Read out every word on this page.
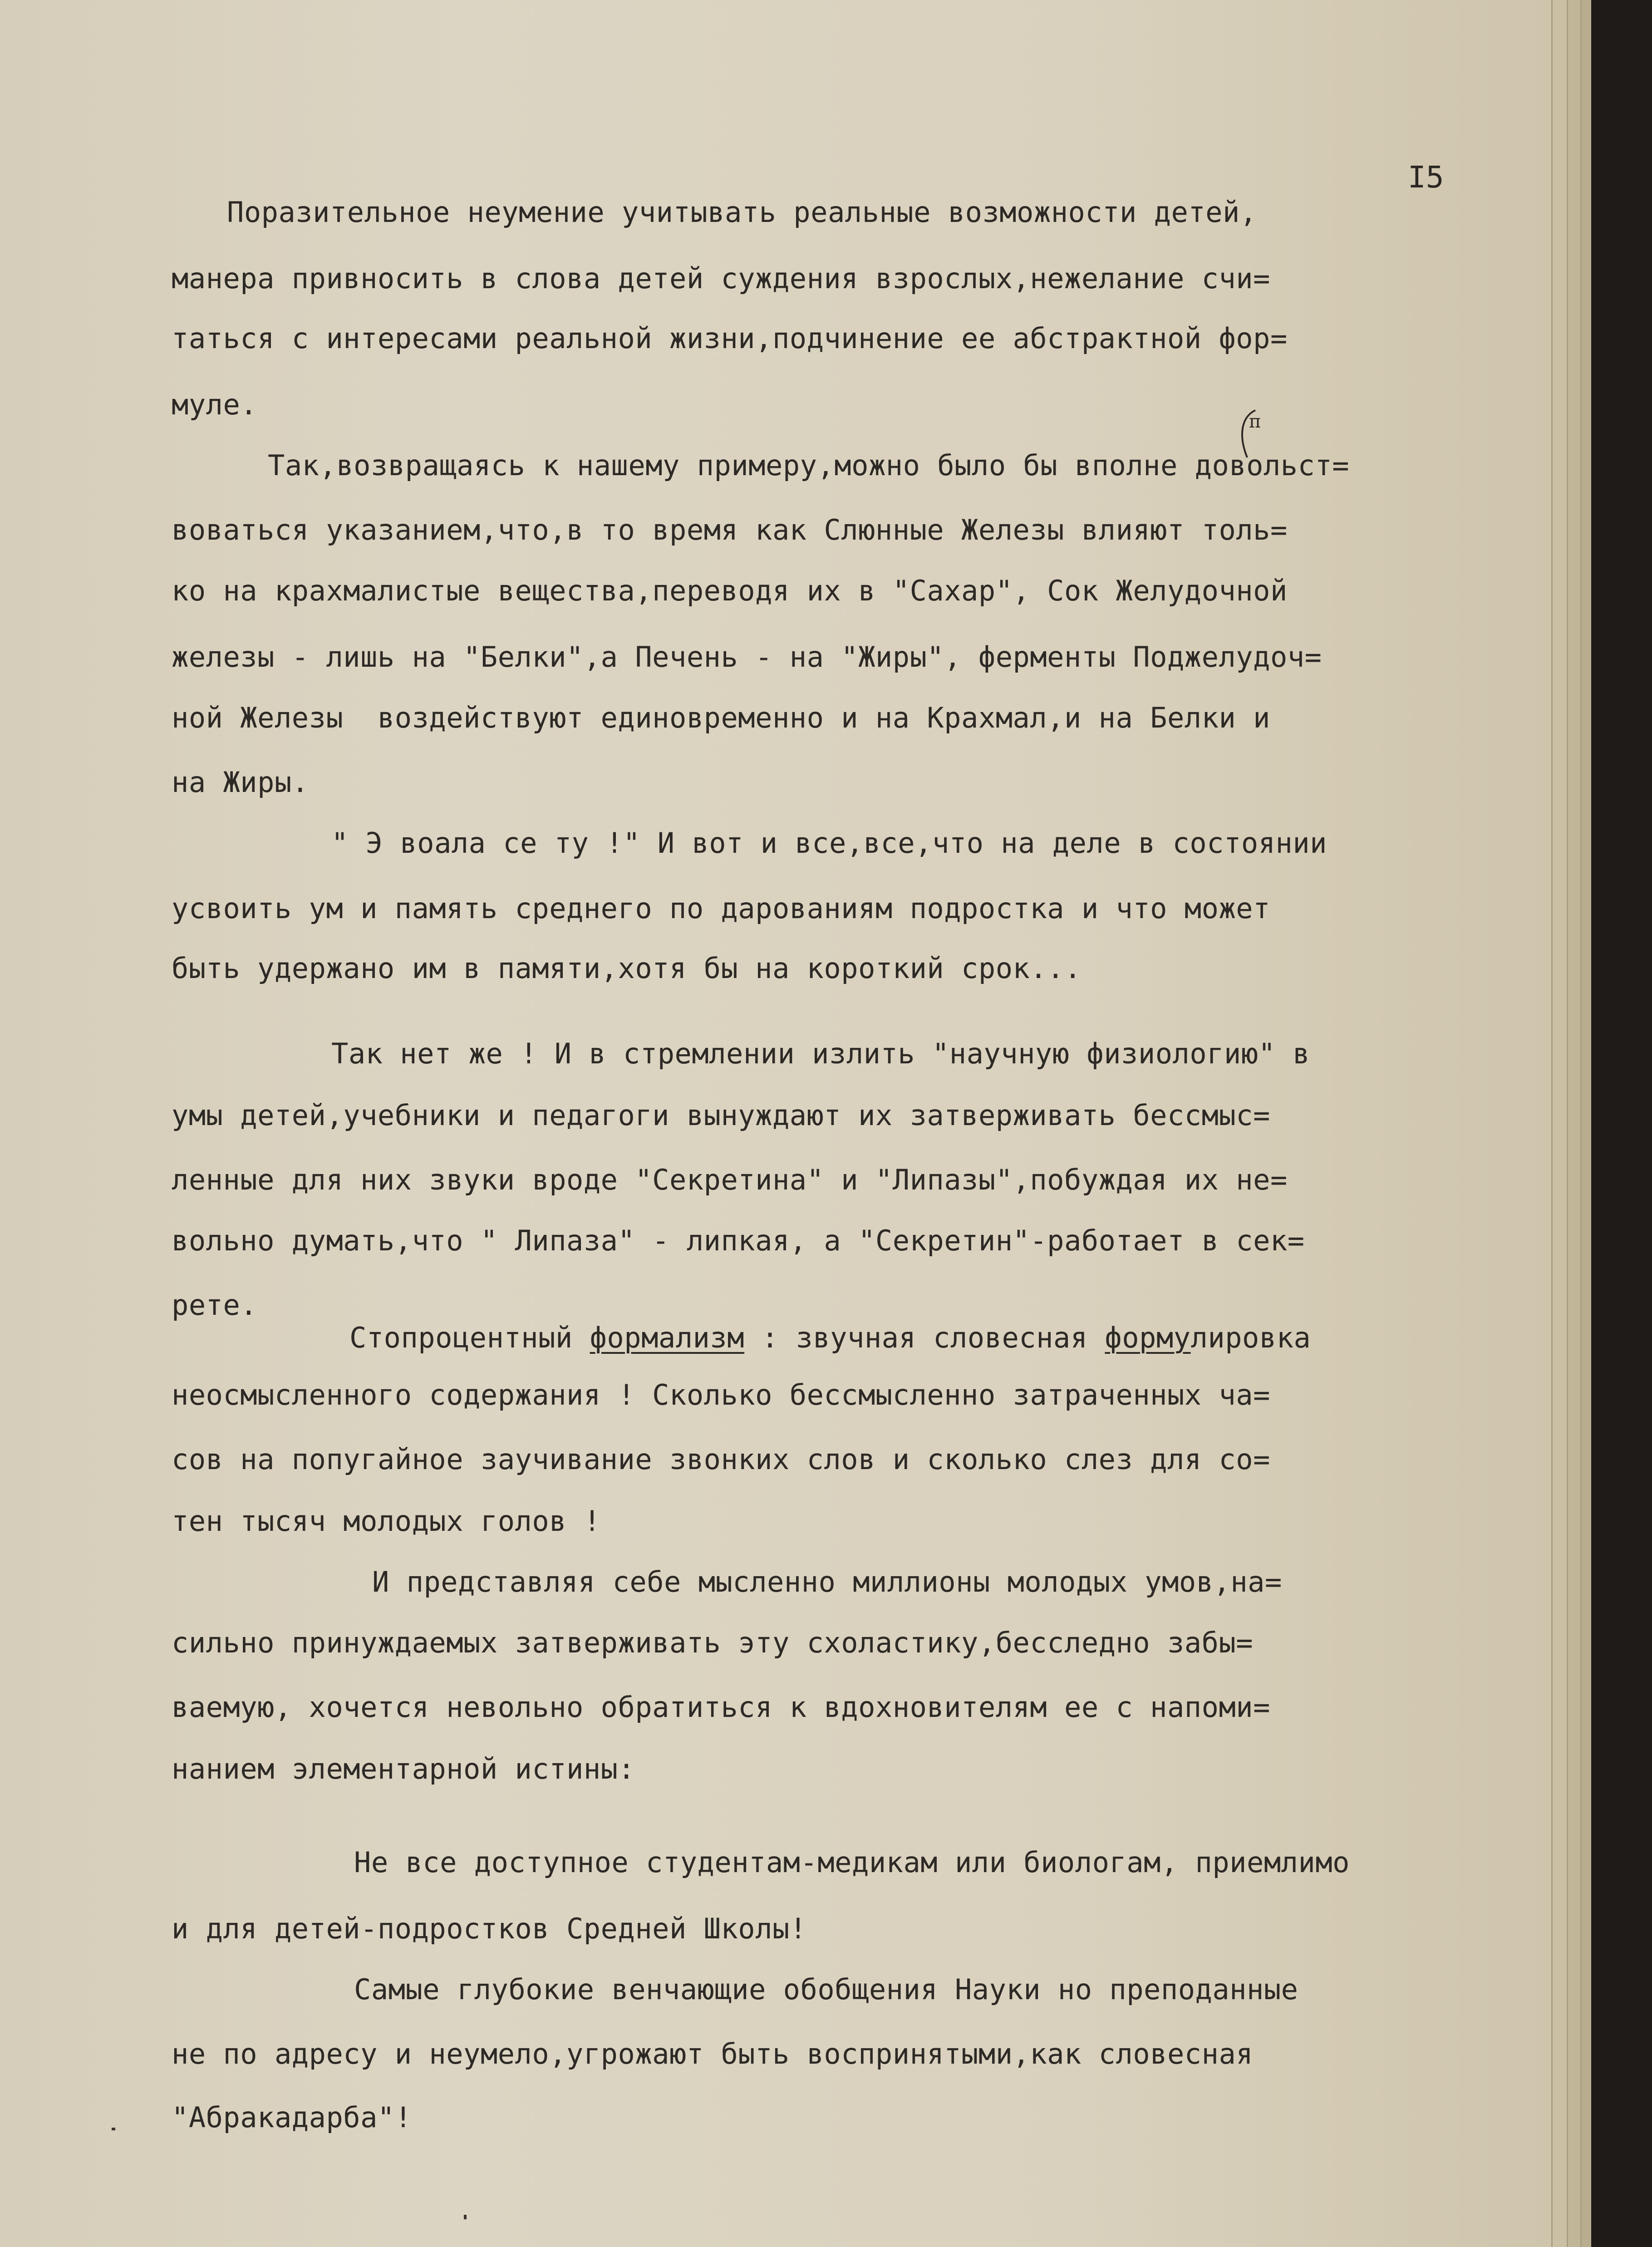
I5

п

Поразительное неумение учитывать реальные возможности детей,

манера привносить в слова детей суждения взрослых,нежелание счи=

таться с интересами реальной жизни,подчинение ее абстрактной фор=

муле.

Так,возвращаясь к нашему примеру,можно было бы вполне довольст=

воваться указанием,что,в то время как Слюнные Железы влияют толь=

ко на крахмалистые вещества,переводя их в "Сахар", Сок Желудочной

железы - лишь на "Белки",а Печень - на "Жиры", ферменты Поджелудоч=

ной Железы  воздействуют единовременно и на Крахмал,и на Белки и

на Жиры.

" Э воала се ту !" И вот и все,все,что на деле в состоянии

усвоить ум и память среднего по дарованиям подростка и что может

быть удержано им в памяти,хотя бы на короткий срок...

Так нет же ! И в стремлении излить "научную физиологию" в

умы детей,учебники и педагоги вынуждают их затверживать бессмыс=

ленные для них звуки вроде "Секретина" и "Липазы",побуждая их не=

вольно думать,что " Липаза" - липкая, а "Секретин"-работает в сек=

рете.

Стопроцентный формализм : звучная словесная формулировка

неосмысленного содержания ! Сколько бессмысленно затраченных ча=

сов на попугайное заучивание звонких слов и сколько слез для со=

тен тысяч молодых голов !

И представляя себе мысленно миллионы молодых умов,на=

сильно принуждаемых затверживать эту схоластику,бесследно забы=

ваемую, хочется невольно обратиться к вдохновителям ее с напоми=

нанием элементарной истины:

Не все доступное студентам-медикам или биологам, приемлимо

и для детей-подростков Средней Школы!

Самые глубокие венчающие обобщения Науки но преподанные

не по адресу и неумело,угрожают быть воспринятыми,как словесная

"Абракадарба"!
